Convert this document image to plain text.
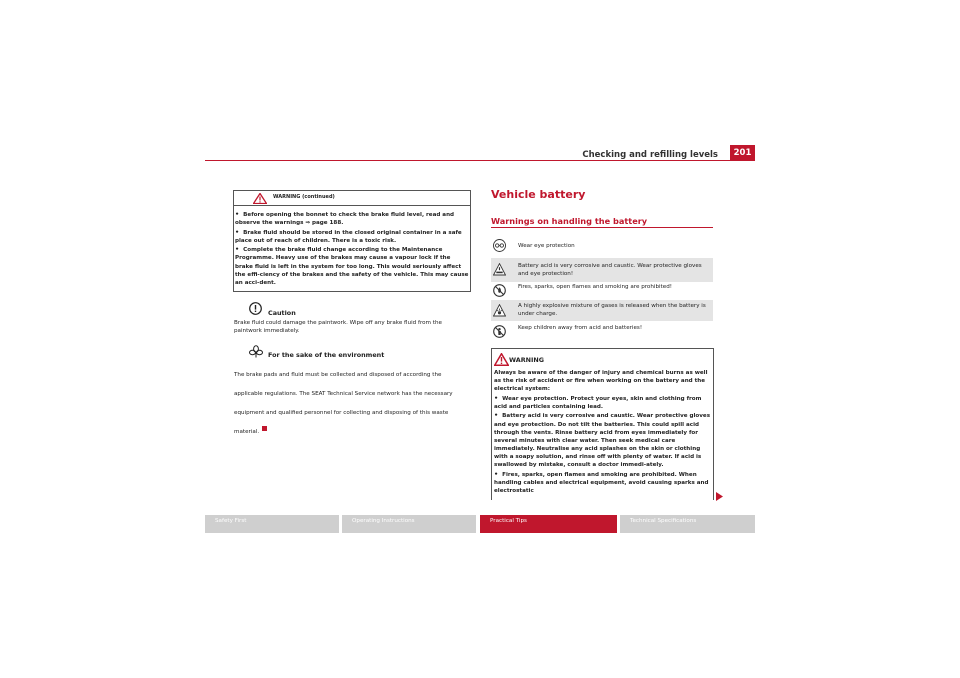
Checking and refilling levels	201
WARNING (continued)
• Before opening the bonnet to check the brake fluid level, read and observe the warnings ⇒ page 188.
• Brake fluid should be stored in the closed original container in a safe place out of reach of children. There is a toxic risk.
• Complete the brake fluid change according to the Maintenance Programme. Heavy use of the brakes may cause a vapour lock if the brake fluid is left in the system for too long. This would seriously affect the effi-ciency of the brakes and the safety of the vehicle. This may cause an acci-dent.
Caution
Brake fluid could damage the paintwork. Wipe off any brake fluid from the paintwork immediately.
For the sake of the environment
The brake pads and fluid must be collected and disposed of according the applicable regulations. The SEAT Technical Service network has the necessary equipment and qualified personnel for collecting and disposing of this waste material.
Vehicle battery
Warnings on handling the battery
Wear eye protection
Battery acid is very corrosive and caustic. Wear protective gloves and eye protection!
Fires, sparks, open flames and smoking are prohibited!
A highly explosive mixture of gases is released when the battery is under charge.
Keep children away from acid and batteries!
WARNING
Always be aware of the danger of injury and chemical burns as well as the risk of accident or fire when working on the battery and the electrical system:
• Wear eye protection. Protect your eyes, skin and clothing from acid and particles containing lead.
• Battery acid is very corrosive and caustic. Wear protective gloves and eye protection. Do not tilt the batteries. This could spill acid through the vents. Rinse battery acid from eyes immediately for several minutes with clear water. Then seek medical care immediately. Neutralise any acid splashes on the skin or clothing with a soapy solution, and rinse off with plenty of water. If acid is swallowed by mistake, consult a doctor immedi-ately.
• Fires, sparks, open flames and smoking are prohibited. When handling cables and electrical equipment, avoid causing sparks and electrostatic
Safety First	Operating Instructions	Practical Tips	Technical Specifications
